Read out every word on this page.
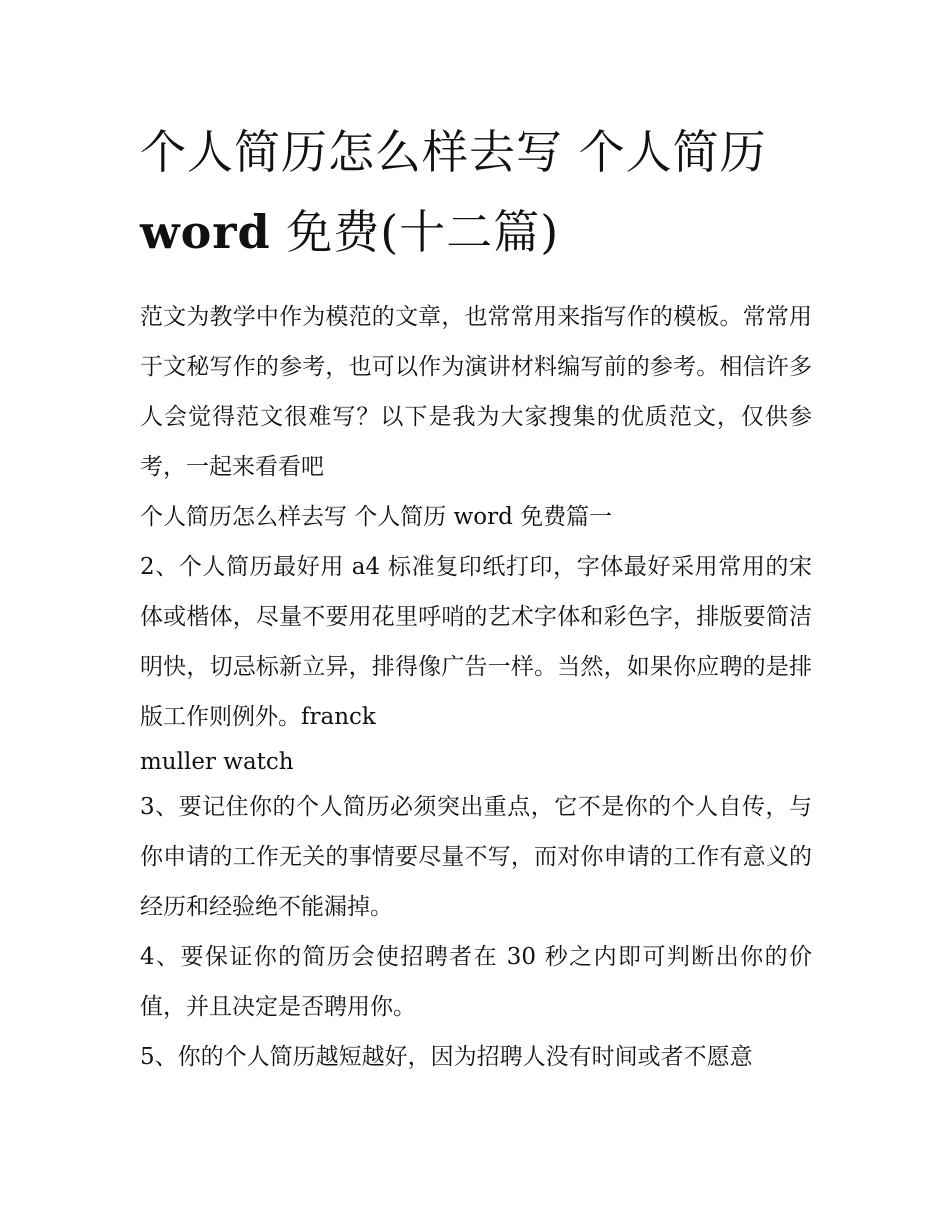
个人简历怎么样去写 个人简历
word 免费(十二篇)

范文为教学中作为模范的文章，也常常用来指写作的模板。常常用于文秘写作的参考，也可以作为演讲材料编写前的参考。相信许多人会觉得范文很难写？以下是我为大家搜集的优质范文，仅供参考，一起来看看吧

个人简历怎么样去写 个人简历 word 免费篇一

2、个人简历最好用 a4 标准复印纸打印，字体最好采用常用的宋体或楷体，尽量不要用花里呼哨的艺术字体和彩色字，排版要简洁明快，切忌标新立异，排得像广告一样。当然，如果你应聘的是排版工作则例外。franck

muller watch

3、要记住你的个人简历必须突出重点，它不是你的个人自传，与你申请的工作无关的事情要尽量不写，而对你申请的工作有意义的经历和经验绝不能漏掉。

4、要保证你的简历会使招聘者在 30 秒之内即可判断出你的价值，并且决定是否聘用你。

5、你的个人简历越短越好，因为招聘人没有时间或者不愿意
